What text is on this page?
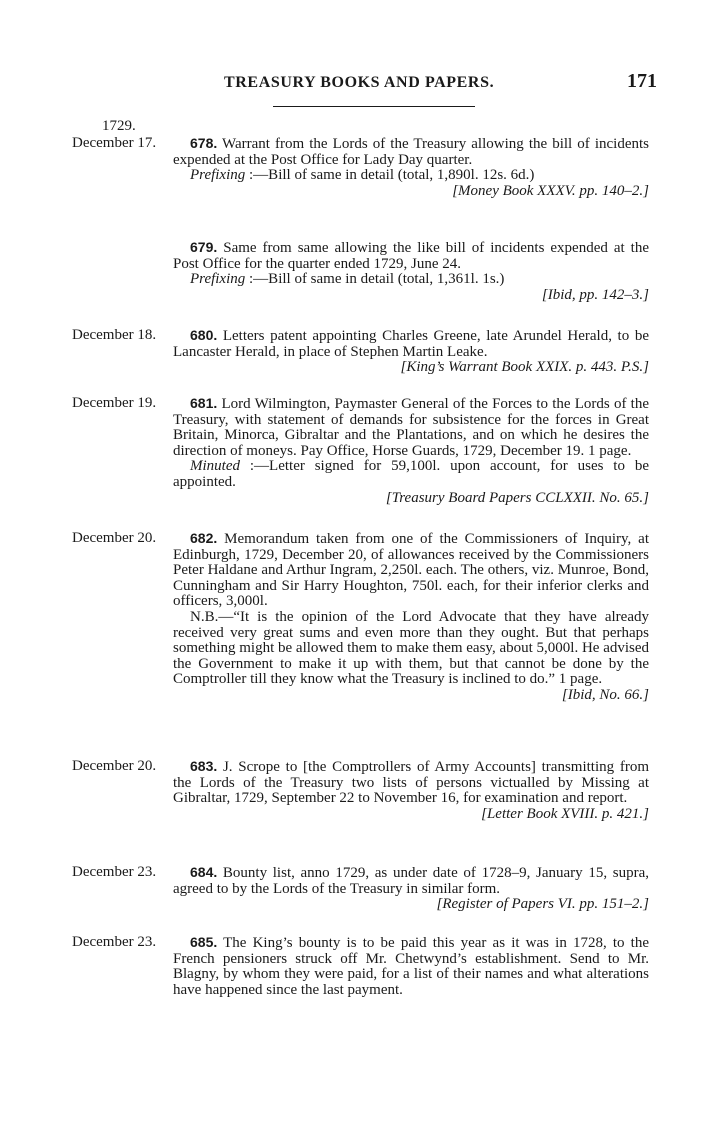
TREASURY BOOKS AND PAPERS.	171
1729.
December 17.	678. Warrant from the Lords of the Treasury allowing the bill of incidents expended at the Post Office for Lady Day quarter.

Prefixing :—Bill of same in detail (total, 1,890l. 12s. 6d.)

[Money Book XXXV. pp. 140–2.]

679. Same from same allowing the like bill of incidents expended at the Post Office for the quarter ended 1729, June 24.

Prefixing :—Bill of same in detail (total, 1,361l. 1s.)

[Ibid, pp. 142–3.]

December 18.	680. Letters patent appointing Charles Greene, late Arundel Herald, to be Lancaster Herald, in place of Stephen Martin Leake.

[King’s Warrant Book XXIX. p. 443. P.S.]

December 19.	681. Lord Wilmington, Paymaster General of the Forces to the Lords of the Treasury, with statement of demands for subsistence for the forces in Great Britain, Minorca, Gibraltar and the Plantations, and on which he desires the direction of moneys. Pay Office, Horse Guards, 1729, December 19. 1 page.

Minuted :—Letter signed for 59,100l. upon account, for uses to be appointed.

[Treasury Board Papers CCLXXII. No. 65.]

December 20.	682. Memorandum taken from one of the Commissioners of Inquiry, at Edinburgh, 1729, December 20, of allowances received by the Commissioners Peter Haldane and Arthur Ingram, 2,250l. each. The others, viz. Munroe, Bond, Cunningham and Sir Harry Houghton, 750l. each, for their inferior clerks and officers, 3,000l.

N.B.—“It is the opinion of the Lord Advocate that they have already received very great sums and even more than they ought. But that perhaps something might be allowed them to make them easy, about 5,000l. He advised the Government to make it up with them, but that cannot be done by the Comptroller till they know what the Treasury is inclined to do.” 1 page.

[Ibid, No. 66.]

December 20.	683. J. Scrope to [the Comptrollers of Army Accounts] transmitting from the Lords of the Treasury two lists of persons victualled by Missing at Gibraltar, 1729, September 22 to November 16, for examination and report.

[Letter Book XVIII. p. 421.]

December 23.	684. Bounty list, anno 1729, as under date of 1728–9, January 15, supra, agreed to by the Lords of the Treasury in similar form.

[Register of Papers VI. pp. 151–2.]

December 23.	685. The King’s bounty is to be paid this year as it was in 1728, to the French pensioners struck off Mr. Chetwynd’s establishment. Send to Mr. Blagny, by whom they were paid, for a list of their names and what alterations have happened since the last payment.
